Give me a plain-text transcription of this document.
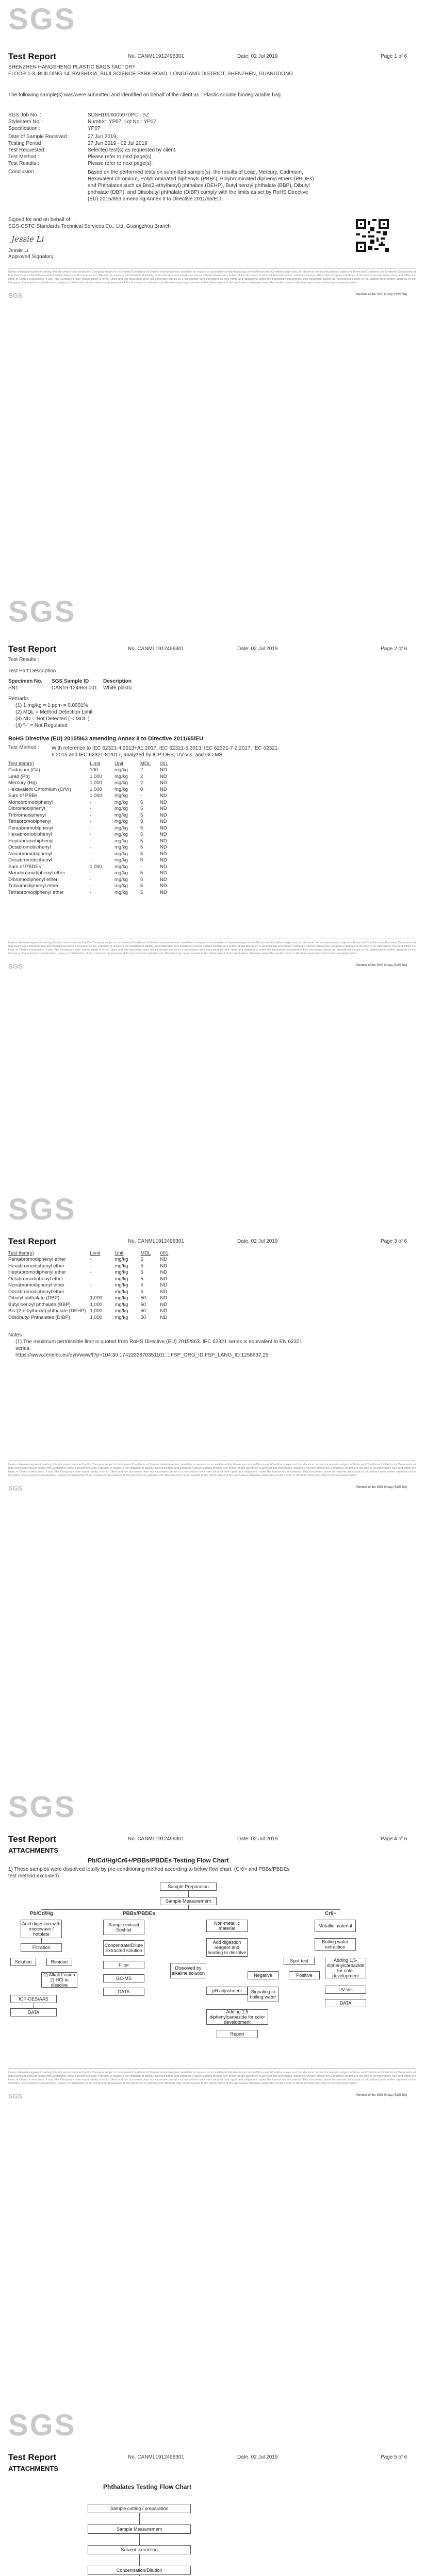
SGS
Test Report	No. CANML1912496301	Date: 02 Jul 2019	Page 1 of 6
SHENZHEN HANGSHENG PLASTIC BAGS FACTORY
FLOOR 1-3, BUILDING 14, BAISHIXIA, BUJI SCIENCE PARK ROAD, LONGGANG DISTRICT, SHENZHEN, GUANGDONG
The following sample(s) was/were submitted and identified on behalf of the client as : Plastic soluble biodegradable bag
SGS Job No. :	SDSH1906005970PC - SZ
Style/Item No. :	Number: YP07; Lot No.: YP07
Specification :	YP07
Date of Sample Received :	27 Jun 2019
Testing Period :	27 Jun 2019 - 02 Jul 2019
Test Requested :	Selected test(s) as requested by client.
Test Method :	Please refer to next page(s).
Test Results :	Please refer to next page(s).
Conclusion :	Based on the performed tests on submitted sample(s), the results of Lead, Mercury, Cadmium, Hexavalent chromium, Polybrominated biphenyls (PBBs), Polybrominated diphenyl ethers (PBDEs) and Phthalates such as Bis(2-ethylhexyl) phthalate (DEHP), Butyl benzyl phthalate (BBP), Dibutyl phthalate (DBP), and Diisobutyl phthalate (DIBP) comply with the limits as set by RoHS Directive (EU) 2015/863 amending Annex II to Directive 2011/65/EU.
Signed for and on behalf of
SGS-CSTC Standards Technical Services Co., Ltd. Guangzhou Branch
Jessie Li
Jessie Li
Approved Signatory
Unless otherwise agreed in writing, this document is issued by the Company subject to its General Conditions of Service printed overleaf, available on request or accessible at http://www.sgs.com/en/Terms-and-Conditions.aspx and, for electronic format documents, subject to Terms and Conditions for Electronic Documents at http://www.sgs.com/en/Terms-and-Conditions/Terms-e-Document.aspx. Attention is drawn to the limitation of liability, indemnification and jurisdiction issues defined therein. Any holder of this document is advised that information contained hereon reflects the Company's findings at the time of its intervention only and within the limits of Client's instructions, if any. The Company's sole responsibility is to its Client and this document does not exonerate parties to a transaction from exercising all their rights and obligations under the transaction documents. This document cannot be reproduced except in full, without prior written approval of the Company. Any unauthorized alteration, forgery or falsification of the content or appearance of this document is unlawful and offenders may be prosecuted to the fullest extent of the law. Unless otherwise stated the results shown in this test report refer only to the sample(s) tested.
SGS	Member of the SGS Group (SGS SA)
SGS
Test Report	No. CANML1912496301	Date: 02 Jul 2019	Page 2 of 6
Test Results :
Test Part Description :
Specimen No. SGS Sample ID	Description
SN1	CAN19-124963.001 White plastic
Remarks :
(1) 1 mg/kg = 1 ppm = 0.0001%
(2) MDL = Method Detection Limit
(3) ND = Not Detected ( < MDL )
(4) "-" = Not Regulated
RoHS Directive (EU) 2015/863 amending Annex II to Directive 2011/65/EU
Test Method : With reference to IEC 62321-4:2013+A1:2017, IEC 62321-5:2013, IEC 62321-7-2:2017, IEC 62321-6:2015 and IEC 62321-8:2017, analyzed by ICP-OES, UV-Vis, and GC-MS.
Test Item(s)	Limit	Unit	MDL	001
Cadmium (Cd)	100	mg/kg	2	ND
Lead (Pb)	1,000	mg/kg	2	ND
Mercury (Hg)	1,000	mg/kg	2	ND
Hexavalent Chromium (CrVI)	1,000	mg/kg	8	ND
Sum of PBBs	1,000	mg/kg	-	ND
Monobromobiphenyl	-	mg/kg	5	ND
Dibromobiphenyl	-	mg/kg	5	ND
Tribromobiphenyl	-	mg/kg	5	ND
Tetrabromobiphenyl	-	mg/kg	5	ND
Pentabromobiphenyl	-	mg/kg	5	ND
Hexabromobiphenyl	-	mg/kg	5	ND
Heptabromobiphenyl	-	mg/kg	5	ND
Octabromobiphenyl	-	mg/kg	5	ND
Nonabromobiphenyl	-	mg/kg	5	ND
Decabromobiphenyl	-	mg/kg	5	ND
Sum of PBDEs	1,000	mg/kg	-	ND
Monobromodiphenyl ether	-	mg/kg	5	ND
Dibromodiphenyl ether	-	mg/kg	5	ND
Tribromodiphenyl ether	-	mg/kg	5	ND
Tetrabromodiphenyl ether	-	mg/kg	5	ND
Unless otherwise agreed in writing, this document is issued by the Company subject to its General Conditions of Service printed overleaf, available on request or accessible at http://www.sgs.com/en/Terms-and-Conditions.aspx and, for electronic format documents, subject to Terms and Conditions for Electronic Documents at http://www.sgs.com/en/Terms-and-Conditions/Terms-e-Document.aspx. Attention is drawn to the limitation of liability, indemnification and jurisdiction issues defined therein. Any holder of this document is advised that information contained hereon reflects the Company's findings at the time of its intervention only and within the limits of Client's instructions, if any. The Company's sole responsibility is to its Client and this document does not exonerate parties to a transaction from exercising all their rights and obligations under the transaction documents. This document cannot be reproduced except in full, without prior written approval of the Company. Any unauthorized alteration, forgery or falsification of the content or appearance of this document is unlawful and offenders may be prosecuted to the fullest extent of the law. Unless otherwise stated the results shown in this test report refer only to the sample(s) tested.
SGS	Member of the SGS Group (SGS SA)
SGS
Test Report	No. CANML1912496301	Date: 02 Jul 2019	Page 3 of 6
Test Item(s)	Limit	Unit	MDL	001
Pentabromodiphenyl ether	-	mg/kg	5	ND
Hexabromodiphenyl ether	-	mg/kg	5	ND
Heptabromodiphenyl ether	-	mg/kg	5	ND
Octabromodiphenyl ether	-	mg/kg	5	ND
Nonabromodiphenyl ether	-	mg/kg	5	ND
Decabromodiphenyl ether	-	mg/kg	5	ND
Dibutyl phthalate (DBP)	1,000	mg/kg	50	ND
Butyl benzyl phthalate (BBP)	1,000	mg/kg	50	ND
Bis-(2-ethylhexyl) phthalate (DEHP)	1,000	mg/kg	50	ND
Diisobutyl Phthalates (DIBP)	1,000	mg/kg	50	ND
Notes :
(1) The maximum permissible limit is quoted from RoHS Directive (EU) 2015/863. IEC 62321 series is equivalent to EN 62321 series.
https://www.cenelec.eu/dyn/www/f?p=104:30:1742232870351101::::FSP_ORG_ID,FSP_LANG_ID:1258637,25
Unless otherwise agreed in writing, this document is issued by the Company subject to its General Conditions of Service printed overleaf, available on request or accessible at http://www.sgs.com/en/Terms-and-Conditions.aspx and, for electronic format documents, subject to Terms and Conditions for Electronic Documents at http://www.sgs.com/en/Terms-and-Conditions/Terms-e-Document.aspx. Attention is drawn to the limitation of liability, indemnification and jurisdiction issues defined therein. Any holder of this document is advised that information contained hereon reflects the Company's findings at the time of its intervention only and within the limits of Client's instructions, if any. The Company's sole responsibility is to its Client and this document does not exonerate parties to a transaction from exercising all their rights and obligations under the transaction documents. This document cannot be reproduced except in full, without prior written approval of the Company. Any unauthorized alteration, forgery or falsification of the content or appearance of this document is unlawful and offenders may be prosecuted to the fullest extent of the law. Unless otherwise stated the results shown in this test report refer only to the sample(s) tested.
SGS	Member of the SGS Group (SGS SA)
SGS
Test Report	No. CANML1912496301	Date: 02 Jul 2019	Page 4 of 6
ATTACHMENTS
Pb/Cd/Hg/Cr6+/PBBs/PBDEs Testing Flow Chart
1) These samples were dissolved totally by pre-conditioning method according to below flow chart. (Cr6+ and PBBs/PBDEs test method excluded)
Sample Preparation
Sample Measurement
Pb/Cd/Hg	PBBs/PBDEs	Cr6+
Acid digestion with microwave / hotplate
Filtration
Solution	Residue
1) Alkali Fusion 2) HCl to dissolve
ICP-OES/AAS
DATA
Sample extract Soxhlet
Concentrate/Dilute Extracted solution
Filter
GC-MS
DATA
Non-metallic material	Metallic material
Add digestion reagent and heating to dissolve
Boiling water extraction
Spot-test
Dissolved by alkaline solution	Negative	Positive
pH adjustment	Signaling in boiling water
Adding 1,5-diphenylcarbazide for color development
UV-Vis
DATA
Adding 1,5 diphenylcarbazide for color development
Report
Unless otherwise agreed in writing, this document is issued by the Company subject to its General Conditions of Service printed overleaf, available on request or accessible at http://www.sgs.com/en/Terms-and-Conditions.aspx and, for electronic format documents, subject to Terms and Conditions for Electronic Documents at http://www.sgs.com/en/Terms-and-Conditions/Terms-e-Document.aspx. Attention is drawn to the limitation of liability, indemnification and jurisdiction issues defined therein. Any holder of this document is advised that information contained hereon reflects the Company's findings at the time of its intervention only and within the limits of Client's instructions, if any. The Company's sole responsibility is to its Client and this document does not exonerate parties to a transaction from exercising all their rights and obligations under the transaction documents. This document cannot be reproduced except in full, without prior written approval of the Company. Any unauthorized alteration, forgery or falsification of the content or appearance of this document is unlawful and offenders may be prosecuted to the fullest extent of the law. Unless otherwise stated the results shown in this test report refer only to the sample(s) tested.
SGS	Member of the SGS Group (SGS SA)
SGS
Test Report	No. CANML1912496301	Date: 02 Jul 2019	Page 5 of 6
ATTACHMENTS
Phthalates Testing Flow Chart
Sample cutting / preparation
Sample Measurement
Solvent extraction
Concentration/Dilution
